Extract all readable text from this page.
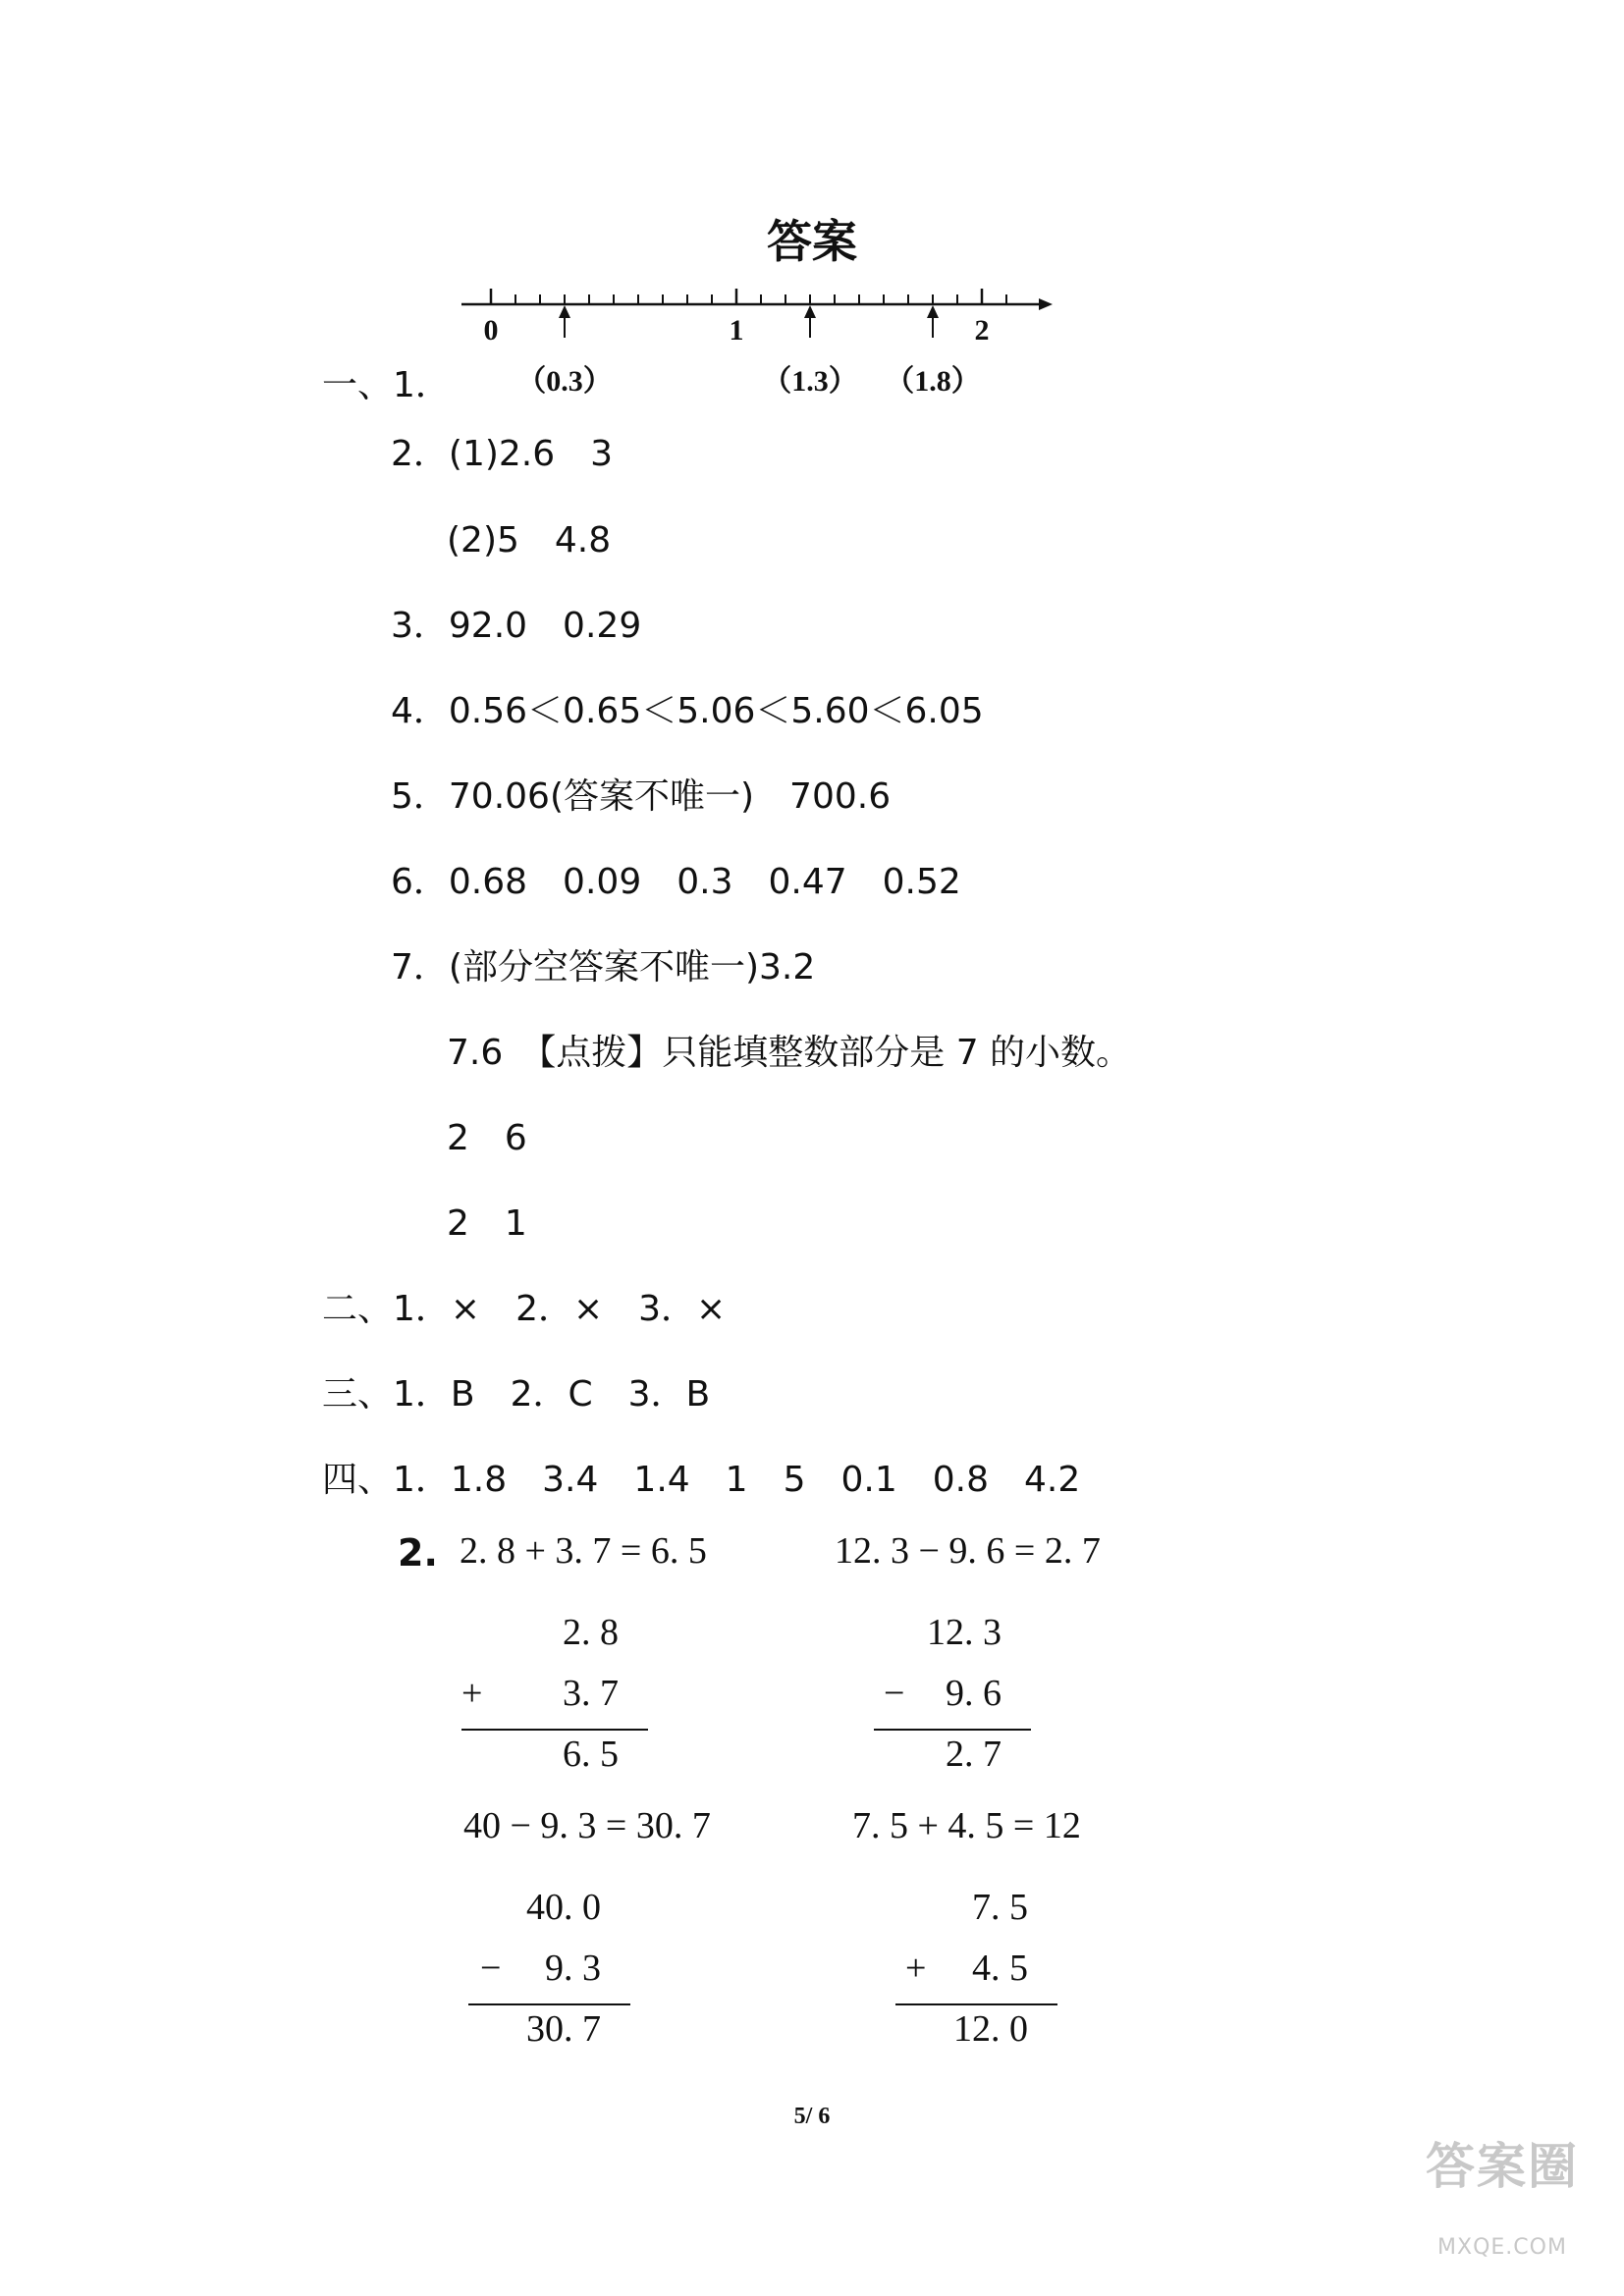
答案
（0.3）	（1.3） （1.8）
0	1	2
一、1．
2．(1)2.6　3
(2)5　4.8
3．92.0　0.29
4．0.56＜0.65＜5.06＜5.60＜6.05
5．70.06(答案不唯一)　700.6
6．0.68　0.09　0.3　0.47　0.52
7．(部分空答案不唯一)3.2
7.6　【点拨】只能填整数部分是 7 的小数。
2　6
2　1
二、1．×　2．×　3．×
三、1．B　2．C　3．B
四、1．1.8　3.4　1.4　1　5　0.1　0.8　4.2
2. 2. 8 + 3. 7 = 6. 5	12. 3 − 9. 6 = 2. 7
2. 8
+ 3. 7
6. 5
12. 3
− 9. 6
2. 7
40 − 9. 3 = 30. 7	7. 5 + 4. 5 = 12
40. 0
− 9. 3
30. 7
7. 5
+ 4. 5
12. 0
5/ 6

答案圈

MXQE.COM
